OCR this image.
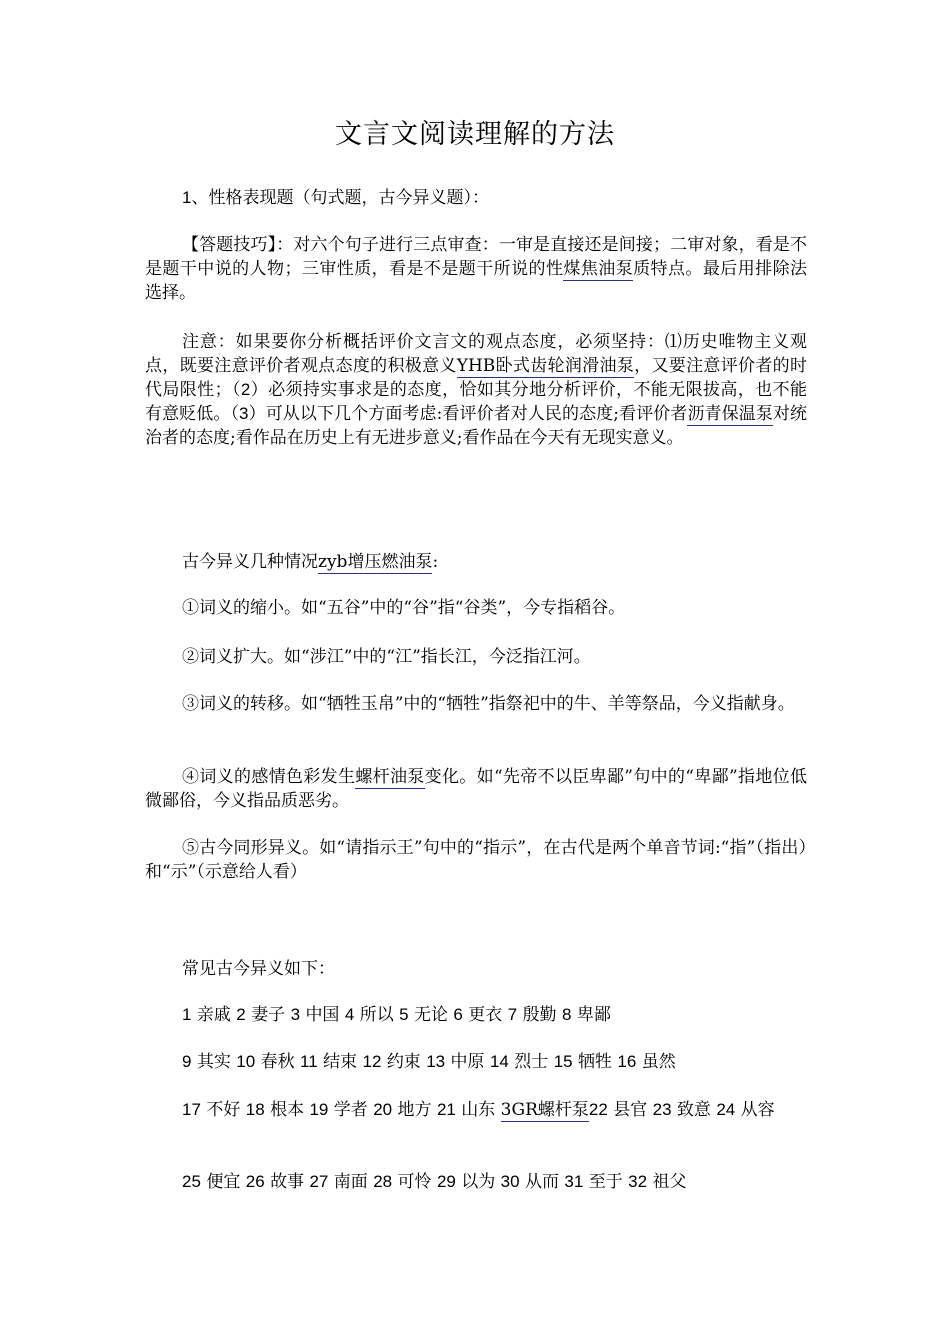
文言文阅读理解的方法

1、性格表现题（句式题，古今异义题）：

【答题技巧】：对六个句子进行三点审查：一审是直接还是间接；二审对象，看是不是题干中说的人物；三审性质，看是不是题干所说的性煤焦油泵质特点。最后用排除法选择。

注意：如果要你分析概括评价文言文的观点态度，必须坚持：⑴历史唯物主义观点，既要注意评价者观点态度的积极意义YHB卧式齿轮润滑油泵，又要注意评价者的时代局限性；（2）必须持实事求是的态度，恰如其分地分析评价，不能无限拔高，也不能有意贬低。（3）可从以下几个方面考虑:看评价者对人民的态度;看评价者沥青保温泵对统治者的态度;看作品在历史上有无进步意义;看作品在今天有无现实意义。

古今异义几种情况zyb增压燃油泵:

①词义的缩小。如“五谷”中的“谷”指“谷类”，今专指稻谷。

②词义扩大。如“涉江”中的“江”指长江，今泛指江河。

③词义的转移。如“牺牲玉帛”中的“牺牲”指祭祀中的牛、羊等祭品，今义指献身。

④词义的感情色彩发生螺杆油泵变化。如“先帝不以臣卑鄙”句中的“卑鄙”指地位低微鄙俗，今义指品质恶劣。

⑤古今同形异义。如“请指示王”句中的“指示”，在古代是两个单音节词:“指”（指出）和“示”（示意给人看）

常见古今异义如下：

1 亲戚 2 妻子 3 中国 4 所以 5 无论 6 更衣 7 殷勤 8 卑鄙

9 其实 10 春秋 11 结束 12 约束 13 中原 14 烈士 15 牺牲 16 虽然

17 不好 18 根本 19 学者 20 地方 21 山东 3GR螺杆泵22 县官 23 致意 24 从容

25 便宜 26 故事 27 南面 28 可怜 29 以为 30 从而 31 至于 32 祖父
